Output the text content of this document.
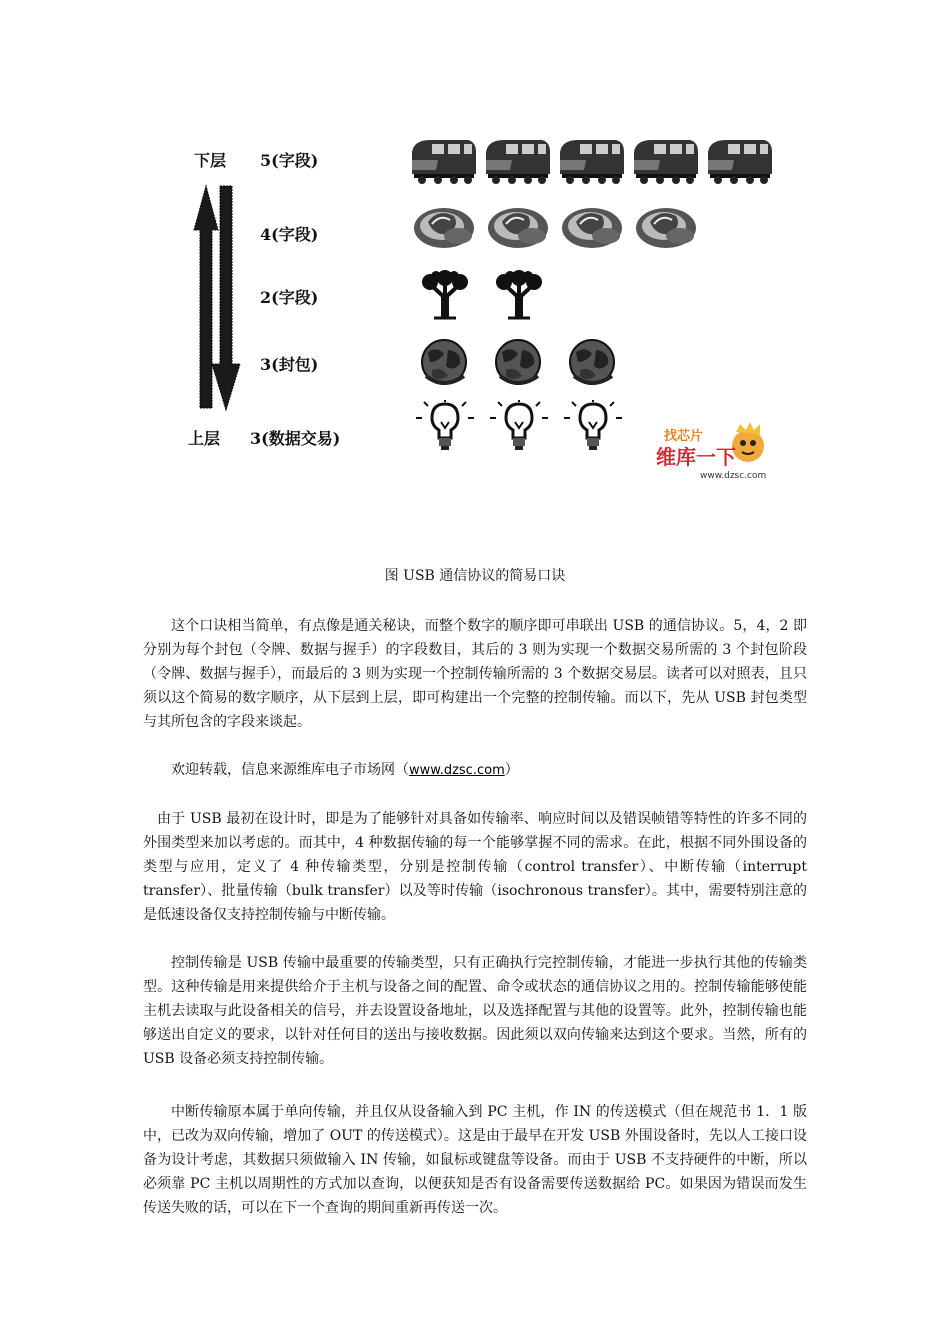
下层
上层
5(字段)
4(字段)
2(字段)
3(封包)
3(数据交易)	找芯片
维库一下
www.dzsc.com
图 USB 通信协议的简易口诀

这个口诀相当简单，有点像是通关秘诀，而整个数字的顺序即可串联出 USB 的通信协议。5，4，2 即分别为每个封包（令牌、数据与握手）的字段数目，其后的 3 则为实现一个数据交易所需的 3 个封包阶段（令牌、数据与握手），而最后的 3 则为实现一个控制传输所需的 3 个数据交易层。读者可以对照表，且只须以这个简易的数字顺序，从下层到上层，即可构建出一个完整的控制传输。而以下，先从 USB 封包类型与其所包含的字段来谈起。

欢迎转载，信息来源维库电子市场网（www.dzsc.com）

由于 USB 最初在设计时，即是为了能够针对具备如传输率、响应时间以及错误帧错等特性的许多不同的外围类型来加以考虑的。而其中，4 种数据传输的每一个能够掌握不同的需求。在此，根据不同外围设备的类型与应用，定义了 4 种传输类型，分别是控制传输（control transfer）、中断传输（interrupt transfer）、批量传输（bulk transfer）以及等时传输（isochronous transfer）。其中，需要特别注意的是低速设备仅支持控制传输与中断传输。

控制传输是 USB 传输中最重要的传输类型，只有正确执行完控制传输，才能进一步执行其他的传输类型。这种传输是用来提供给介于主机与设备之间的配置、命令或状态的通信协议之用的。控制传输能够使能主机去读取与此设备相关的信号，并去设置设备地址，以及选择配置与其他的设置等。此外，控制传输也能够送出自定义的要求，以针对任何目的送出与接收数据。因此须以双向传输来达到这个要求。当然，所有的 USB 设备必须支持控制传输。

中断传输原本属于单向传输，并且仅从设备输入到 PC 主机，作 IN 的传送模式（但在规范书 1．1 版中，已改为双向传输，增加了 OUT 的传送模式）。这是由于最早在开发 USB 外围设备时，先以人工接口设备为设计考虑，其数据只须做输入 IN 传输，如鼠标或键盘等设备。而由于 USB 不支持硬件的中断，所以必须靠 PC 主机以周期性的方式加以查询，以便获知是否有设备需要传送数据给 PC。如果因为错误而发生传送失败的话，可以在下一个查询的期间重新再传送一次。
